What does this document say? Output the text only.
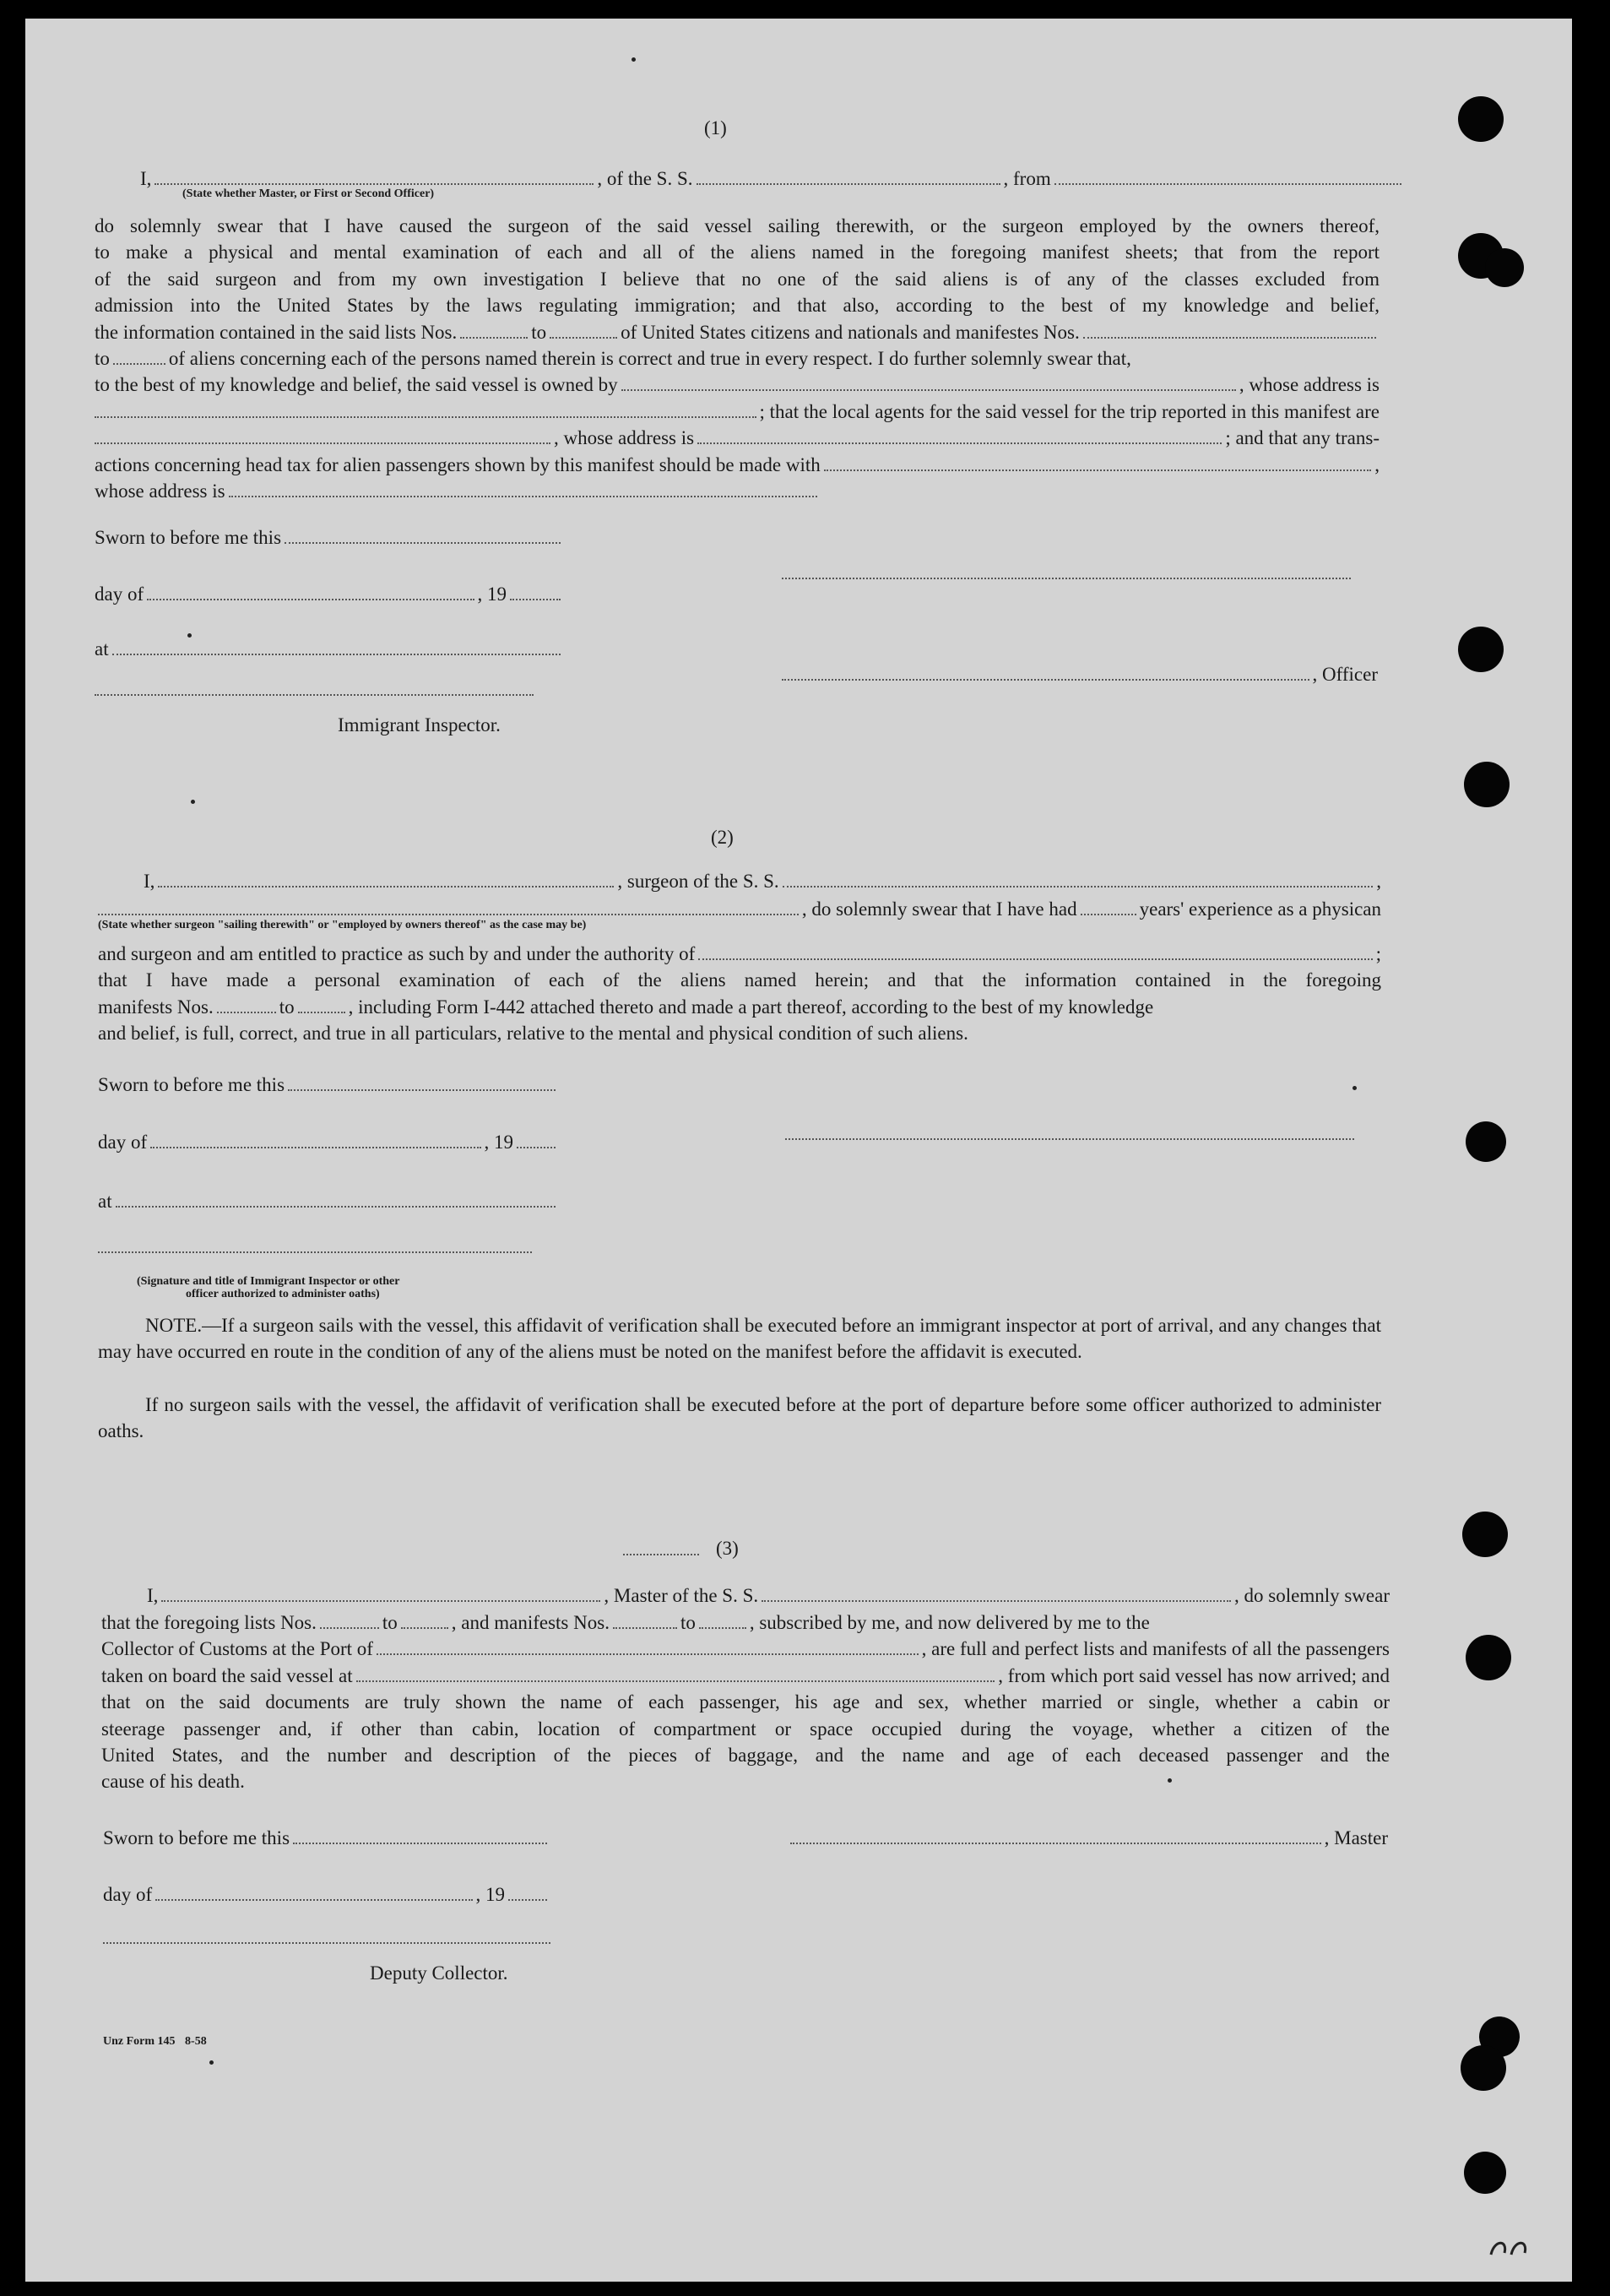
(1)
I,	, of the S. S.	, from
(State whether Master, or First or Second Officer)
do solemnly swear that I have caused the surgeon of the said vessel sailing therewith, or the surgeon employed by the owners thereof,
to make a physical and mental examination of each and all of the aliens named in the foregoing manifest sheets; that from the report
of the said surgeon and from my own investigation I believe that no one of the said aliens is of any of the classes excluded from
admission into the United States by the laws regulating immigration; and that also, according to the best of my knowledge and belief,
the information contained in the said lists Nos.	to	of United States citizens and nationals and manifestes Nos.
to	of aliens concerning each of the persons named therein is correct and true in every respect. I do further solemnly swear that,
to the best of my knowledge and belief, the said vessel is owned by	, whose address is
; that the local agents for the said vessel for the trip reported in this manifest are
, whose address is	; and that any trans-
actions concerning head tax for alien passengers shown by this manifest should be made with	,
whose address is
Sworn to before me this
day of	, 19
at
Immigrant Inspector.
, Officer
(2)
I,	, surgeon of the S. S.	,
, do solemnly swear that I have had	years' experience as a physican
(State whether surgeon "sailing therewith" or "employed by owners thereof" as the case may be)
and surgeon and am entitled to practice as such by and under the authority of	;
that I have made a personal examination of each of the aliens named herein; and that the information contained in the foregoing
manifests Nos.	to	, including Form I-442 attached thereto and made a part thereof, according to the best of my knowledge
and belief, is full, correct, and true in all particulars, relative to the mental and physical condition of such aliens.
Sworn to before me this
day of	, 19
at
(Signature and title of Immigrant Inspector or other
officer authorized to administer oaths)
NOTE.—If a surgeon sails with the vessel, this affidavit of verification shall be executed before an immigrant inspector at port of arrival, and any changes that may have occurred en route in the condition of any of the aliens must be noted on the manifest before the affidavit is executed.
If no surgeon sails with the vessel, the affidavit of verification shall be executed before at the port of departure before some officer authorized to administer oaths.
(3)
I,	, Master of the S. S.	, do solemnly swear
that the foregoing lists Nos.	to	, and manifests Nos.	to	, subscribed by me, and now delivered by me to the
Collector of Customs at the Port of	, are full and perfect lists and manifests of all the passengers
taken on board the said vessel at	, from which port said vessel has now arrived; and
that on the said documents are truly shown the name of each passenger, his age and sex, whether married or single, whether a cabin or
steerage passenger and, if other than cabin, location of compartment or space occupied during the voyage, whether a citizen of the
United States, and the number and description of the pieces of baggage, and the name and age of each deceased passenger and the
cause of his death.
Sworn to before me this	, Master
day of	, 19
Deputy Collector.
Unz Form 145 8-58
